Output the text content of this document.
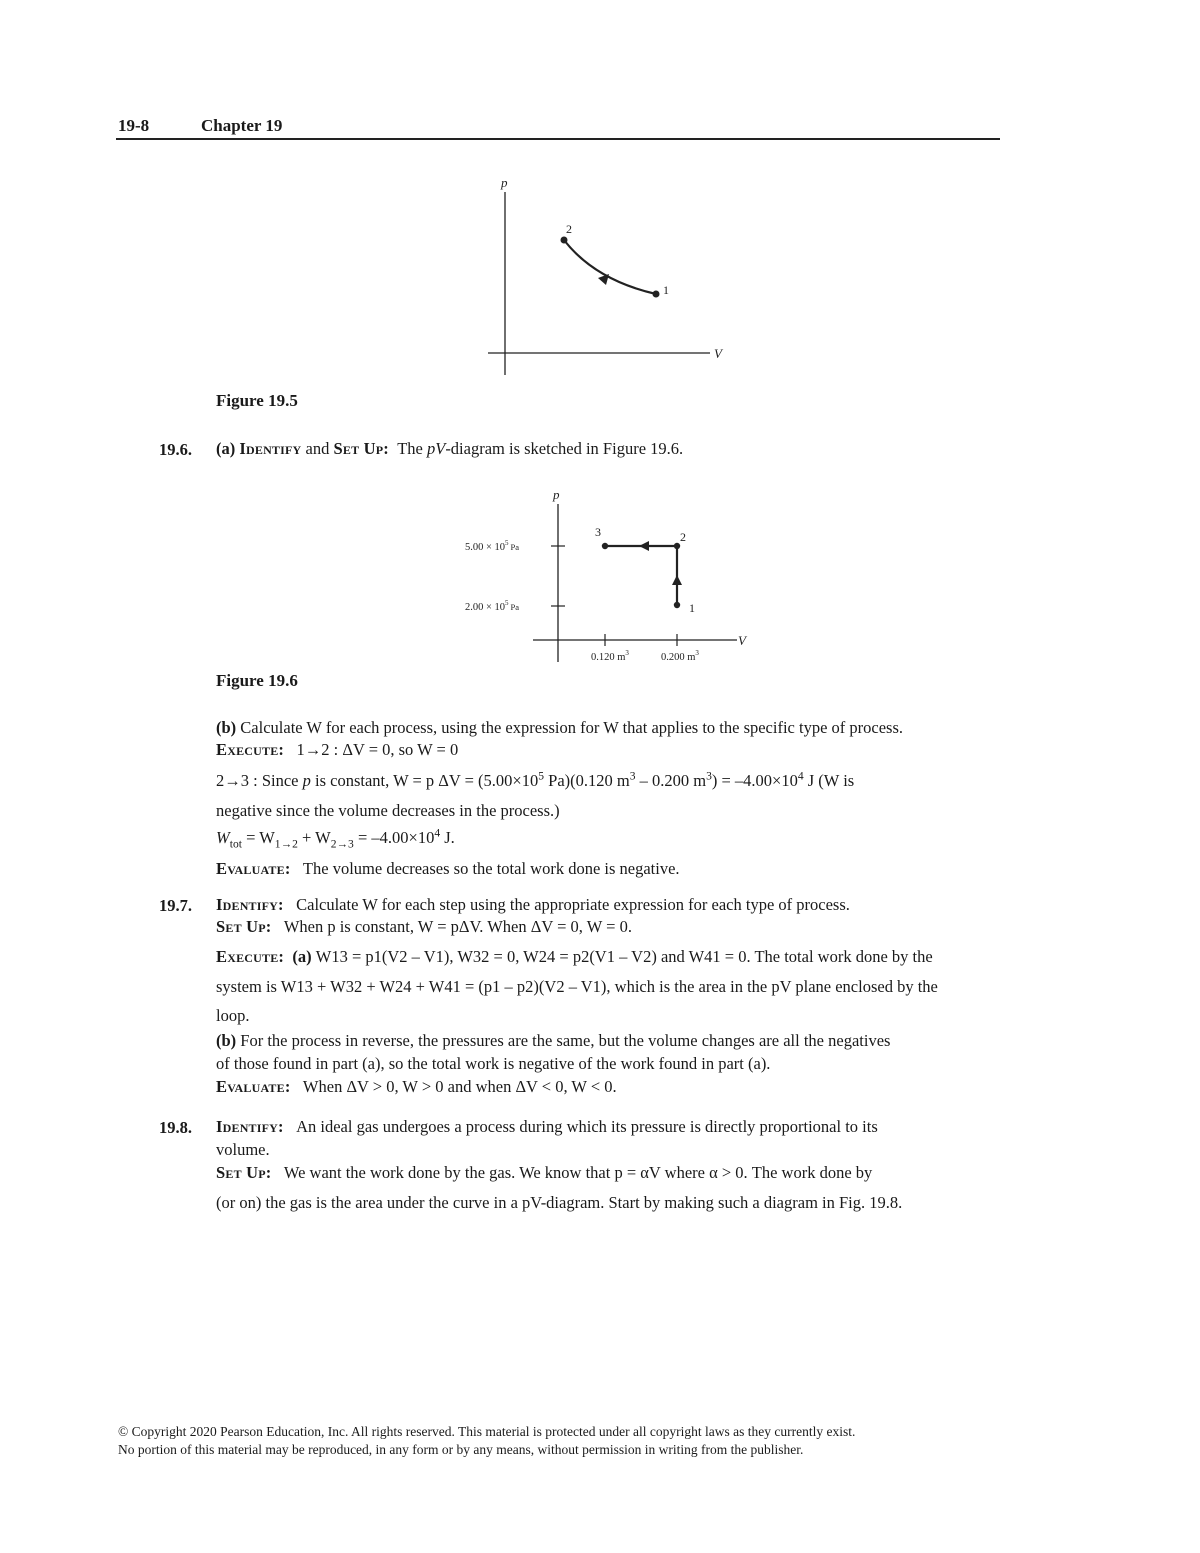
19-8	Chapter 19
p
V
2
1
Figure 19.5
19.6. (a) Identify and Set Up: The pV-diagram is sketched in Figure 19.6.
p
V
$5.00 \times 10^5$ $_{Pa}$
$2.00 \times 10^5$ $_{Pa}$
0.120 $m^3$	0.200 $m^3$
1
2
3
Figure 19.6
(b) Calculate W for each process, using the expression for W that applies to the specific type of process.
Execute: 1→2 : ΔV = 0, so W = 0
2→3 : Since p is constant, W = p $\Delta V = (5.00\times 10^5$ Pa)(0.120 $m^3 - 0.200$ $m^3) = -4.00\times 10^4$ J (W is
negative since the volume decreases in the process.)
$W_{tot} = W_{1\to 2} + W_{2\to 3} = -4.00\times 10^4$ J.
Evaluate: The volume decreases so the total work done is negative.
19.7. Identify: Calculate W for each step using the appropriate expression for each type of process.
Set Up: When p is constant, W = pΔV. When ΔV = 0, W = 0.
Execute: (a) W13 = p1(V2 – V1), W32 = 0, W24 = p2(V1 – V2) and W41 = 0. The total work done by the
system is W13 + W32 + W24 + W41 = (p1 – p2)(V2 – V1), which is the area in the pV plane enclosed by the
loop.
(b) For the process in reverse, the pressures are the same, but the volume changes are all the negatives
of those found in part (a), so the total work is negative of the work found in part (a).
Evaluate: When ΔV > 0, W > 0 and when ΔV < 0, W < 0.
19.8. Identify: An ideal gas undergoes a process during which its pressure is directly proportional to its
volume.
Set Up: We want the work done by the gas. We know that p = αV where α > 0. The work done by
(or on) the gas is the area under the curve in a pV-diagram. Start by making such a diagram in Fig. 19.8.
© Copyright 2020 Pearson Education, Inc. All rights reserved. This material is protected under all copyright laws as they currently exist.
No portion of this material may be reproduced, in any form or by any means, without permission in writing from the publisher.
